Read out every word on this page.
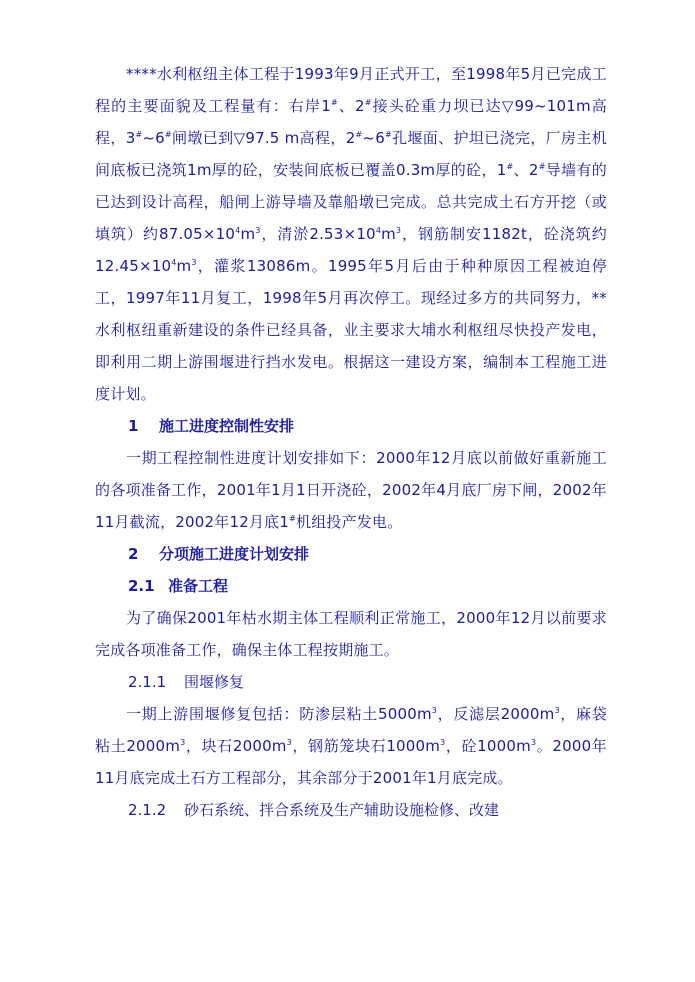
****水利枢纽主体工程于1993年9月正式开工，至1998年5月已完成工程的主要面貌及工程量有：右岸1#、2#接头砼重力坝已达▽99~101m高程，3#~6#闸墩已到▽97.5 m高程，2#~6#孔堰面、护坦已浇完，厂房主机间底板已浇筑1m厚的砼，安装间底板已覆盖0.3m厚的砼，1#、2#导墙有的已达到设计高程，船闸上游导墙及靠船墩已完成。总共完成土石方开挖（或填筑）约$87.05\times 10^4m^3$，清淤$2.53\times 10^4m^3$，钢筋制安1182t，砼浇筑约$12.45\times 10^4m^3$，灌浆13086m。1995年5月后由于种种原因工程被迫停工，1997年11月复工，1998年5月再次停工。现经过多方的共同努力，**水利枢纽重新建设的条件已经具备，业主要求大埔水利枢纽尽快投产发电，即利用二期上游围堰进行挡水发电。根据这一建设方案，编制本工程施工进度计划。

1 施工进度控制性安排

一期工程控制性进度计划安排如下：2000年12月底以前做好重新施工的各项准备工作，2001年1月1日开浇砼，2002年4月底厂房下闸，2002年11月截流，2002年12月底1#机组投产发电。

2 分项施工进度计划安排

2.1 准备工程

为了确保2001年枯水期主体工程顺利正常施工，2000年12月以前要求完成各项准备工作，确保主体工程按期施工。

2.1.1 围堰修复

一期上游围堰修复包括：防渗层粘土$5000m^3$，反滤层$2000m^3$，麻袋粘土$2000m^3$，块石$2000m^3$，钢筋笼块石$1000m^3$，砼$1000m^3$。2000年11月底完成土石方工程部分，其余部分于2001年1月底完成。

2.1.2 砂石系统、拌合系统及生产辅助设施检修、改建
